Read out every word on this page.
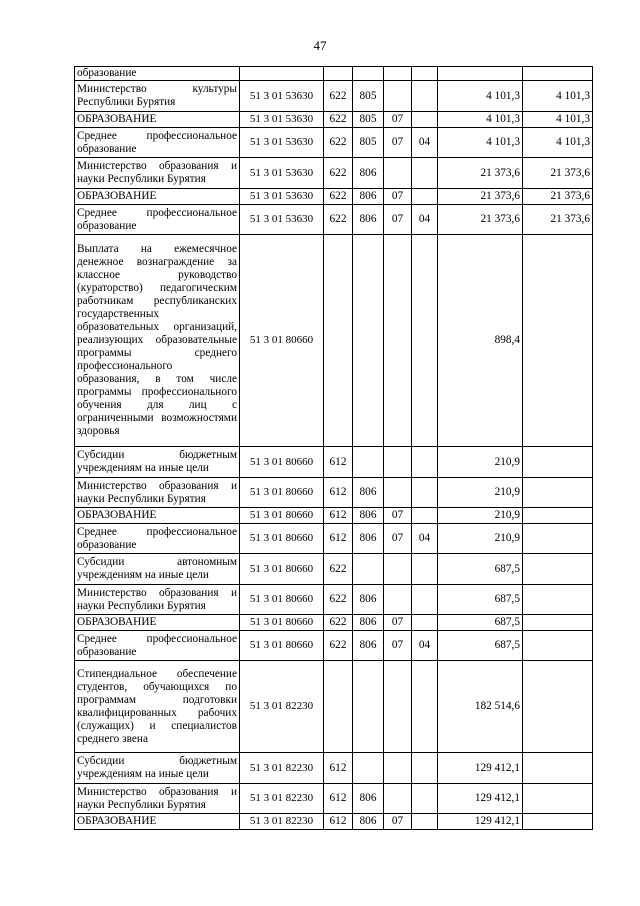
47
образование							
Министерство культуры Республики Бурятия	51 3 01 53630	622	805			4 101,3	4 101,3
ОБРАЗОВАНИЕ	51 3 01 53630	622	805	07		4 101,3	4 101,3
Среднее профессиональное образование	51 3 01 53630	622	805	07	04	4 101,3	4 101,3
Министерство образования и науки Республики Бурятия	51 3 01 53630	622	806			21 373,6	21 373,6
ОБРАЗОВАНИЕ	51 3 01 53630	622	806	07		21 373,6	21 373,6
Среднее профессиональное образование	51 3 01 53630	622	806	07	04	21 373,6	21 373,6
Выплата на ежемесячное денежное вознаграждение за классное руководство (кураторство) педагогическим работникам республиканских государственных образовательных организаций, реализующих образовательные программы среднего профессионального образования, в том числе программы профессионального обучения для лиц с ограниченными возможностями здоровья	51 3 01 80660					898,4	
Субсидии бюджетным учреждениям на иные цели	51 3 01 80660	612				210,9	
Министерство образования и науки Республики Бурятия	51 3 01 80660	612	806			210,9	
ОБРАЗОВАНИЕ	51 3 01 80660	612	806	07		210,9	
Среднее профессиональное образование	51 3 01 80660	612	806	07	04	210,9	
Субсидии автономным учреждениям на иные цели	51 3 01 80660	622				687,5	
Министерство образования и науки Республики Бурятия	51 3 01 80660	622	806			687,5	
ОБРАЗОВАНИЕ	51 3 01 80660	622	806	07		687,5	
Среднее профессиональное образование	51 3 01 80660	622	806	07	04	687,5	
Стипендиальное обеспечение студентов, обучающихся по программам подготовки квалифицированных рабочих (служащих) и специалистов среднего звена	51 3 01 82230					182 514,6	
Субсидии бюджетным учреждениям на иные цели	51 3 01 82230	612				129 412,1	
Министерство образования и науки Республики Бурятия	51 3 01 82230	612	806			129 412,1	
ОБРАЗОВАНИЕ	51 3 01 82230	612	806	07		129 412,1	
